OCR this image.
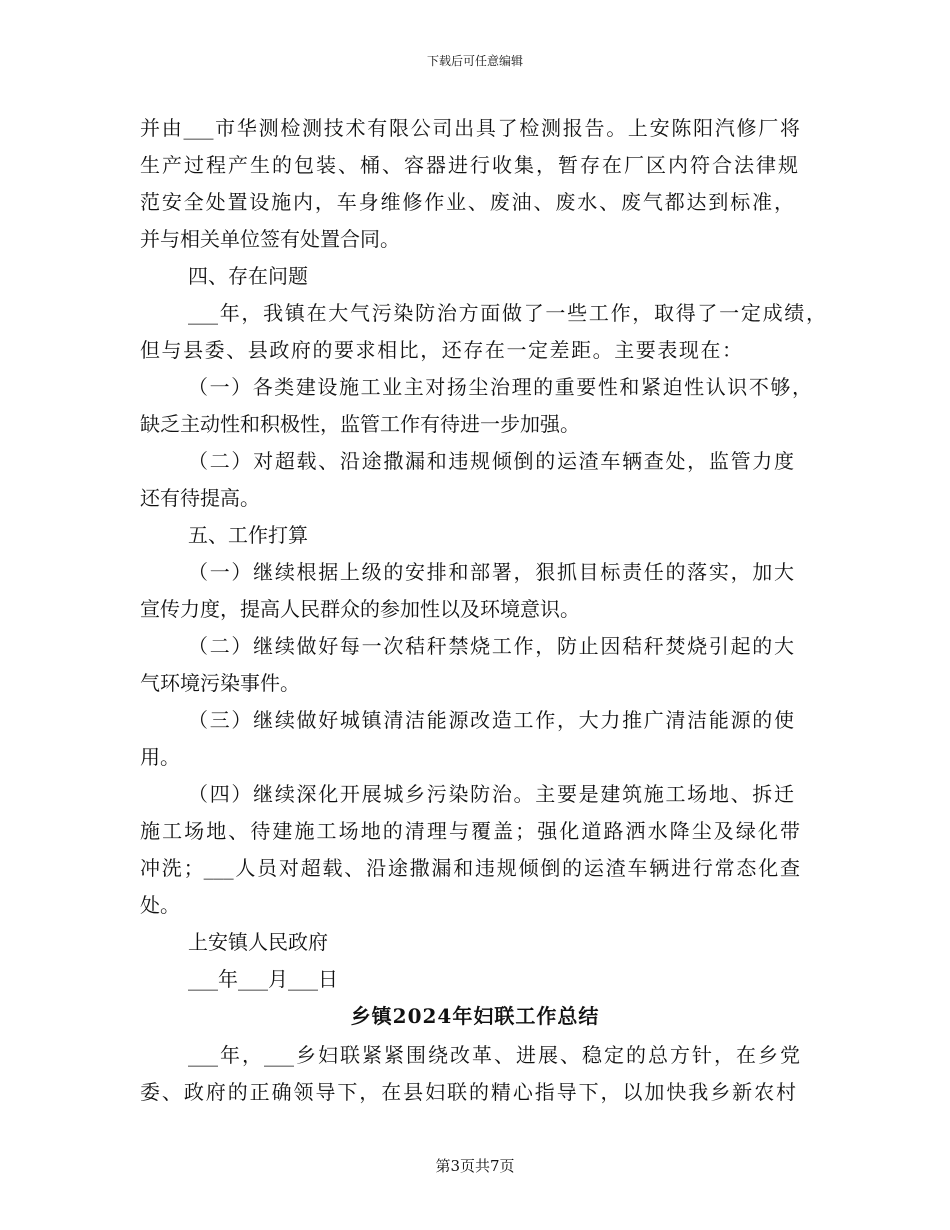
下载后可任意编辑
并由___市华测检测技术有限公司出具了检测报告。上安陈阳汽修厂将
生产过程产生的包装、桶、容器进行收集，暂存在厂区内符合法律规
范安全处置设施内，车身维修作业、废油、废水、废气都达到标准，
并与相关单位签有处置合同。
四、存在问题
___年，我镇在大气污染防治方面做了一些工作，取得了一定成绩，
但与县委、县政府的要求相比，还存在一定差距。主要表现在：
（一）各类建设施工业主对扬尘治理的重要性和紧迫性认识不够，
缺乏主动性和积极性，监管工作有待进一步加强。
（二）对超载、沿途撒漏和违规倾倒的运渣车辆查处，监管力度
还有待提高。
五、工作打算
（一）继续根据上级的安排和部署，狠抓目标责任的落实，加大
宣传力度，提高人民群众的参加性以及环境意识。
（二）继续做好每一次秸秆禁烧工作，防止因秸秆焚烧引起的大
气环境污染事件。
（三）继续做好城镇清洁能源改造工作，大力推广清洁能源的使
用。
（四）继续深化开展城乡污染防治。主要是建筑施工场地、拆迁
施工场地、待建施工场地的清理与覆盖；强化道路洒水降尘及绿化带
冲洗；___人员对超载、沿途撒漏和违规倾倒的运渣车辆进行常态化查
处。
上安镇人民政府
___年___月___日
乡镇2024年妇联工作总结
___年，___乡妇联紧紧围绕改革、进展、稳定的总方针，在乡党
委、政府的正确领导下，在县妇联的精心指导下，以加快我乡新农村
第3页共7页
